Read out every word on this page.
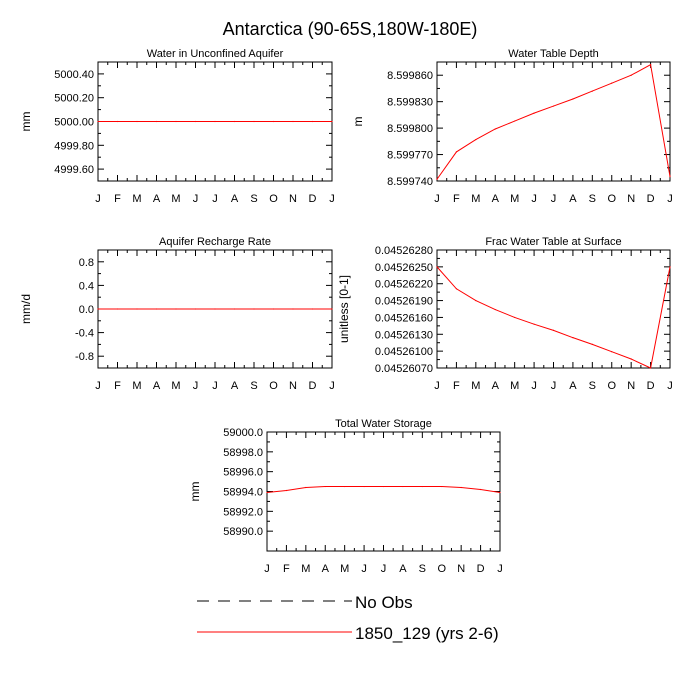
Antarctica (90-65S,180W-180E)
Water in Unconfined Aquifer
mm
J F M A M J J A S O N D J
4999.60
4999.80
5000.00
5000.20
5000.40
Water Table Depth
m
J F M A M J J A S O N D J
8.599740
8.599770
8.599800
8.599830
8.599860
Aquifer Recharge Rate
mm/d
J F M A M J J A S O N D J
-0.8
-0.4
0.0
0.4
0.8
Frac Water Table at Surface
unitless [0-1]
J F M A M J J A S O N D J
0.04526070
0.04526100
0.04526130
0.04526160
0.04526190
0.04526220
0.04526250
0.04526280
Total Water Storage
mm
J F M A M J J A S O N D J
58990.0
58992.0
58994.0
58996.0
58998.0
59000.0
No Obs
1850_129 (yrs 2-6)
